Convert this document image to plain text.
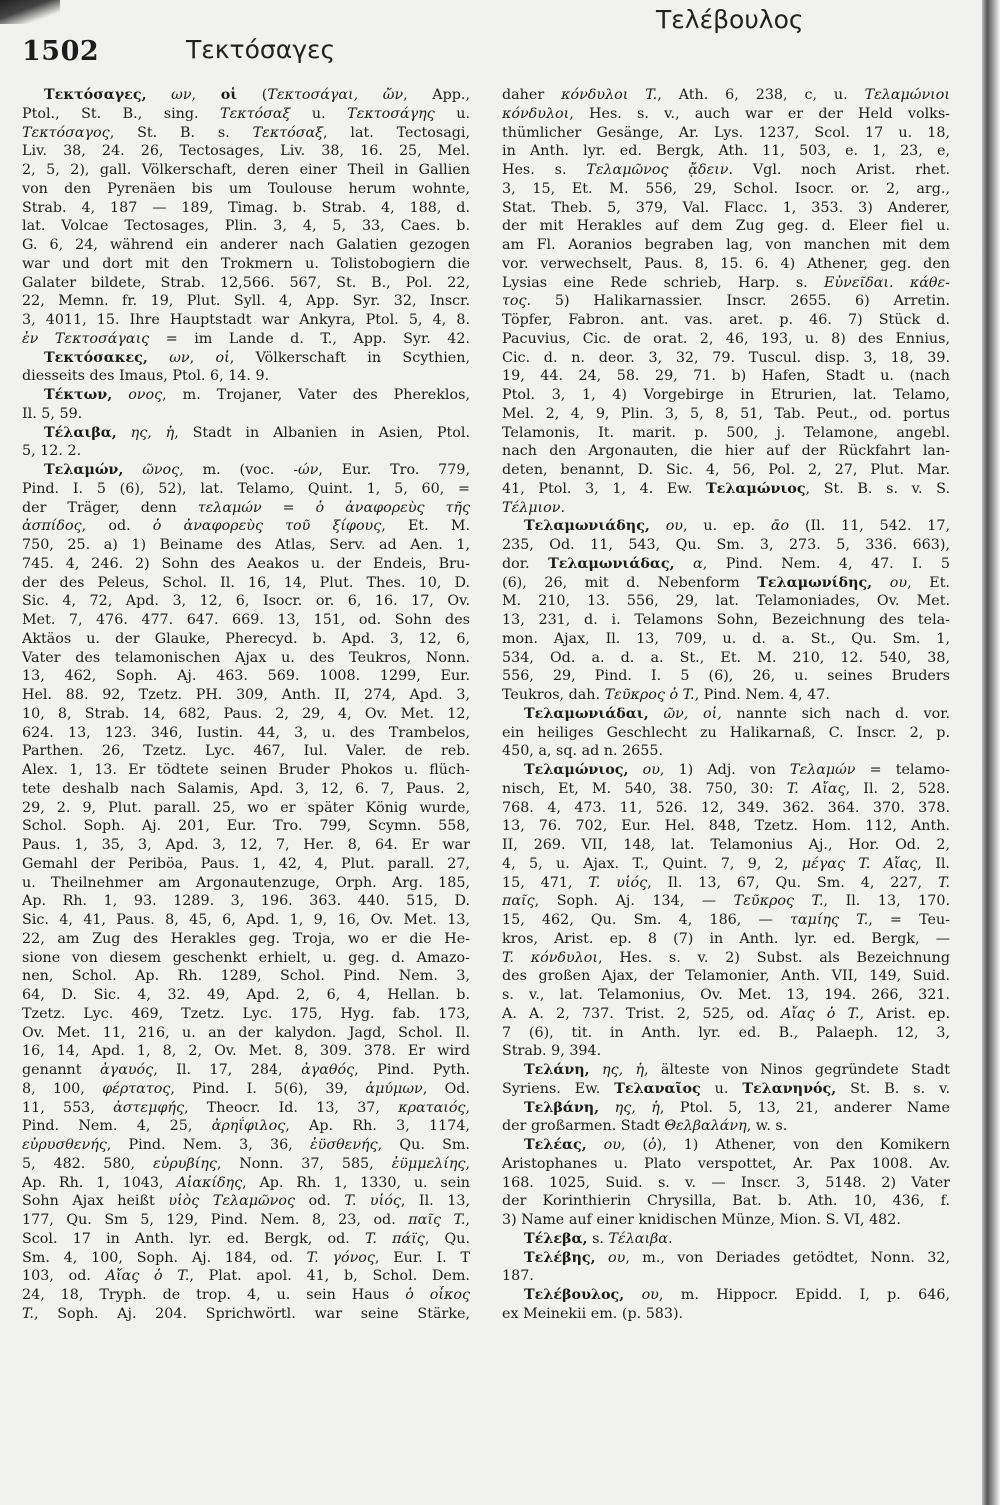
1502	Τεκτόσαγες
Τελέβουλος
Τεκτόσαγες, ων, οἱ (Τεκτοσάγαι, ὤν, App.,
Ptol., St. B., sing. Τεκτόσαξ u. Τεκτοσάγης u.
Τεκτόσαγος, St. B. s. Τεκτόσαξ, lat. Tectosagi,
Liv. 38, 24. 26, Tectosages, Liv. 38, 16. 25, Mel.
2, 5, 2), gall. Völkerschaft, deren einer Theil in Gallien
von den Pyrenäen bis um Toulouse herum wohnte,
Strab. 4, 187 — 189, Timag. b. Strab. 4, 188, d.
lat. Volcae Tectosages, Plin. 3, 4, 5, 33, Caes. b.
G. 6, 24, während ein anderer nach Galatien gezogen
war und dort mit den Trokmern u. Tolistobogiern die
Galater bildete, Strab. 12,566. 567, St. B., Pol. 22,
22, Memn. fr. 19, Plut. Syll. 4, App. Syr. 32, Inscr.
3, 4011, 15. Ihre Hauptstadt war Ankyra, Ptol. 5, 4, 8.
ἐν Τεκτοσάγαις = im Lande d. T., App. Syr. 42.
Τεκτόσακες, ων, οἱ, Völkerschaft in Scythien,
diesseits des Imaus, Ptol. 6, 14. 9.
Τέκτων, ονος, m. Trojaner, Vater des Phereklos,
Il. 5, 59.
Τέλαιβα, ης, ἡ, Stadt in Albanien in Asien, Ptol.
5, 12. 2.
Τελαμών, ῶνος, m. (voc. -ών, Eur. Tro. 779,
Pind. I. 5 (6), 52), lat. Telamo, Quint. 1, 5, 60, =
der Träger, denn τελαμών = ὁ ἀναφορεὺς τῆς
ἀσπίδος, od. ὁ ἀναφορεὺς τοῦ ξίφους, Et. M.
750, 25. a) 1) Beiname des Atlas, Serv. ad Aen. 1,
745. 4, 246. 2) Sohn des Aeakos u. der Endeis, Bru-
der des Peleus, Schol. Il. 16, 14, Plut. Thes. 10, D.
Sic. 4, 72, Apd. 3, 12, 6, Isocr. or. 6, 16. 17, Ov.
Met. 7, 476. 477. 647. 669. 13, 151, od. Sohn des
Aktäos u. der Glauke, Pherecyd. b. Apd. 3, 12, 6,
Vater des telamonischen Ajax u. des Teukros, Nonn.
13, 462, Soph. Aj. 463. 569. 1008. 1299, Eur.
Hel. 88. 92, Tzetz. PH. 309, Anth. II, 274, Apd. 3,
10, 8, Strab. 14, 682, Paus. 2, 29, 4, Ov. Met. 12,
624. 13, 123. 346, Iustin. 44, 3, u. des Trambelos,
Parthen. 26, Tzetz. Lyc. 467, Iul. Valer. de reb.
Alex. 1, 13. Er tödtete seinen Bruder Phokos u. flüch-
tete deshalb nach Salamis, Apd. 3, 12, 6. 7, Paus. 2,
29, 2. 9, Plut. parall. 25, wo er später König wurde,
Schol. Soph. Aj. 201, Eur. Tro. 799, Scymn. 558,
Paus. 1, 35, 3, Apd. 3, 12, 7, Her. 8, 64. Er war
Gemahl der Periböa, Paus. 1, 42, 4, Plut. parall. 27,
u. Theilnehmer am Argonautenzuge, Orph. Arg. 185,
Ap. Rh. 1, 93. 1289. 3, 196. 363. 440. 515, D.
Sic. 4, 41, Paus. 8, 45, 6, Apd. 1, 9, 16, Ov. Met. 13,
22, am Zug des Herakles geg. Troja, wo er die He-
sione von diesem geschenkt erhielt, u. geg. d. Amazo-
nen, Schol. Ap. Rh. 1289, Schol. Pind. Nem. 3,
64, D. Sic. 4, 32. 49, Apd. 2, 6, 4, Hellan. b.
Tzetz. Lyc. 469, Tzetz. Lyc. 175, Hyg. fab. 173,
Ov. Met. 11, 216, u. an der kalydon. Jagd, Schol. Il.
16, 14, Apd. 1, 8, 2, Ov. Met. 8, 309. 378. Er wird
genannt ἀγαυός, Il. 17, 284, ἀγαθός, Pind. Pyth.
8, 100, φέρτατος, Pind. I. 5(6), 39, ἀμύμων, Od.
11, 553, ἀστεμφής, Theocr. Id. 13, 37, κραταιός,
Pind. Nem. 4, 25, ἀρηΐφιλος, Ap. Rh. 3, 1174,
εὐρυσθενής, Pind. Nem. 3, 36, ἐϋσθενής, Qu. Sm.
5, 482. 580, εὐρυβίης, Nonn. 37, 585, ἐϋμμελίης,
Ap. Rh. 1, 1043, Αἰακίδης, Ap. Rh. 1, 1330, u. sein
Sohn Ajax heißt υἱὸς Τελαμῶνος od. T. υἱός, Il. 13,
177, Qu. Sm 5, 129, Pind. Nem. 8, 23, od. παῖς T.,
Scol. 17 in Anth. lyr. ed. Bergk, od. T. πάϊς, Qu.
Sm. 4, 100, Soph. Aj. 184, od. T. γόνος, Eur. I. T
103, od. Αἴας ὁ T., Plat. apol. 41, b, Schol. Dem.
24, 18, Tryph. de trop. 4, u. sein Haus ὁ οἶκος
T., Soph. Aj. 204. Sprichwörtl. war seine Stärke,
daher κόνδυλοι T., Ath. 6, 238, c, u. Τελαμώνιοι
κόνδυλοι, Hes. s. v., auch war er der Held volks-
thümlicher Gesänge, Ar. Lys. 1237, Scol. 17 u. 18,
in Anth. lyr. ed. Bergk, Ath. 11, 503, e. 1, 23, e,
Hes. s. Τελαμῶνος ᾄδειν. Vgl. noch Arist. rhet.
3, 15, Et. M. 556, 29, Schol. Isocr. or. 2, arg.,
Stat. Theb. 5, 379, Val. Flacc. 1, 353. 3) Anderer,
der mit Herakles auf dem Zug geg. d. Eleer fiel u.
am Fl. Aoranios begraben lag, von manchen mit dem
vor. verwechselt, Paus. 8, 15. 6. 4) Athener, geg. den
Lysias eine Rede schrieb, Harp. s. Εὐνεῖδαι. κάθε-
τος. 5) Halikarnassier. Inscr. 2655. 6) Arretin.
Töpfer, Fabron. ant. vas. aret. p. 46. 7) Stück d.
Pacuvius, Cic. de orat. 2, 46, 193, u. 8) des Ennius,
Cic. d. n. deor. 3, 32, 79. Tuscul. disp. 3, 18, 39.
19, 44. 24, 58. 29, 71. b) Hafen, Stadt u. (nach
Ptol. 3, 1, 4) Vorgebirge in Etrurien, lat. Telamo,
Mel. 2, 4, 9, Plin. 3, 5, 8, 51, Tab. Peut., od. portus
Telamonis, It. marit. p. 500, j. Telamone, angebl.
nach den Argonauten, die hier auf der Rückfahrt lan-
deten, benannt, D. Sic. 4, 56, Pol. 2, 27, Plut. Mar.
41, Ptol. 3, 1, 4. Ew. Τελαμώνιος, St. B. s. v. S.
Τέλμιον.
Τελαμωνιάδης, ου, u. ep. ᾱο (Il. 11, 542. 17,
235, Od. 11, 543, Qu. Sm. 3, 273. 5, 336. 663),
dor. Τελαμωνιάδας, α, Pind. Nem. 4, 47. I. 5
(6), 26, mit d. Nebenform Τελαμωνίδης, ου, Et.
M. 210, 13. 556, 29, lat. Telamoniades, Ov. Met.
13, 231, d. i. Telamons Sohn, Bezeichnung des tela-
mon. Ajax, Il. 13, 709, u. d. a. St., Qu. Sm. 1,
534, Od. a. d. a. St., Et. M. 210, 12. 540, 38,
556, 29, Pind. I. 5 (6), 26, u. seines Bruders
Teukros, dah. Τεῦκρος ὁ T., Pind. Nem. 4, 47.
Τελαμωνιάδαι, ῶν, οἱ, nannte sich nach d. vor.
ein heiliges Geschlecht zu Halikarnaß, C. Inscr. 2, p.
450, a, sq. ad n. 2655.
Τελαμώνιος, ου, 1) Adj. von Τελαμών = telamo-
nisch, Et, M. 540, 38. 750, 30: T. Αἴας, Il. 2, 528.
768. 4, 473. 11, 526. 12, 349. 362. 364. 370. 378.
13, 76. 702, Eur. Hel. 848, Tzetz. Hom. 112, Anth.
II, 269. VII, 148, lat. Telamonius Aj., Hor. Od. 2,
4, 5, u. Ajax. T., Quint. 7, 9, 2, μέγας T. Αἴας, Il.
15, 471, T. υἱός, Il. 13, 67, Qu. Sm. 4, 227, T.
παῖς, Soph. Aj. 134, — Τεῦκρος T., Il. 13, 170.
15, 462, Qu. Sm. 4, 186, — ταμίης T., = Teu-
kros, Arist. ep. 8 (7) in Anth. lyr. ed. Bergk, —
T. κόνδυλοι, Hes. s. v. 2) Subst. als Bezeichnung
des großen Ajax, der Telamonier, Anth. VII, 149, Suid.
s. v., lat. Telamonius, Ov. Met. 13, 194. 266, 321.
A. A. 2, 737. Trist. 2, 525, od. Αἴας ὁ T., Arist. ep.
7 (6), tit. in Anth. lyr. ed. B., Palaeph. 12, 3,
Strab. 9, 394.
Τελάνη, ης, ἡ, älteste von Ninos gegründete Stadt
Syriens. Ew. Τελαναῖος u. Τελανηνός, St. B. s. v.
Τελβάνη, ης, ἡ, Ptol. 5, 13, 21, anderer Name
der großarmen. Stadt Θελβαλάνη, w. s.
Τελέας, ου, (ὁ), 1) Athener, von den Komikern
Aristophanes u. Plato verspottet, Ar. Pax 1008. Av.
168. 1025, Suid. s. v. — Inscr. 3, 5148. 2) Vater
der Korinthierin Chrysilla, Bat. b. Ath. 10, 436, f.
3) Name auf einer knidischen Münze, Mion. S. VI, 482.
Τέλεβα, s. Τέλαιβα.
Τελέβης, ου, m., von Deriades getödtet, Nonn. 32,
187.
Τελέβουλος, ου, m. Hippocr. Epidd. I, p. 646,
ex Meinekii em. (p. 583).
